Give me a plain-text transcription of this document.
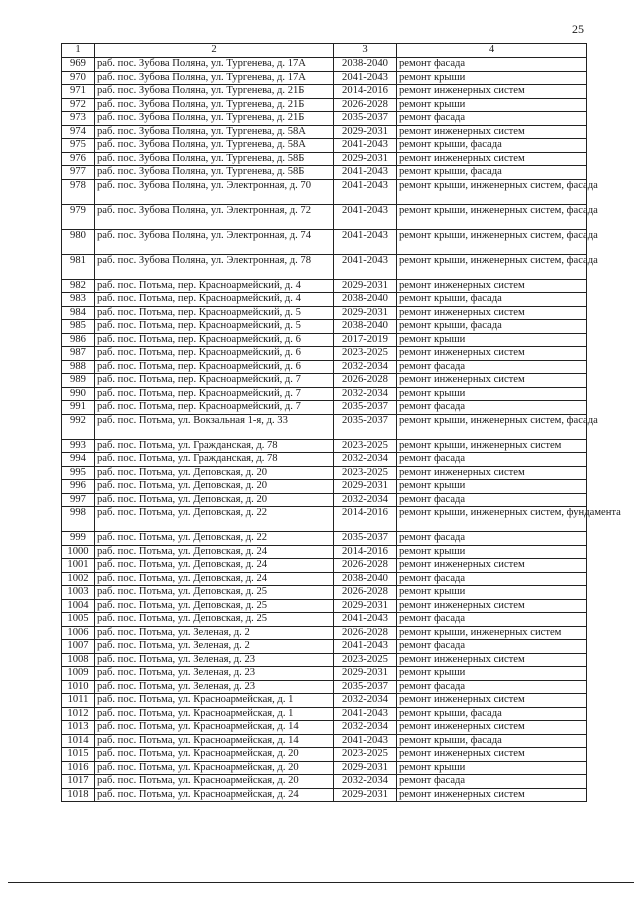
25
1	2	3	4
969	раб. пос. Зубова Поляна, ул. Тургенева, д. 17А	2038-2040	ремонт фасада
970	раб. пос. Зубова Поляна, ул. Тургенева, д. 17А	2041-2043	ремонт крыши
971	раб. пос. Зубова Поляна, ул. Тургенева, д. 21Б	2014-2016	ремонт инженерных систем
972	раб. пос. Зубова Поляна, ул. Тургенева, д. 21Б	2026-2028	ремонт крыши
973	раб. пос. Зубова Поляна, ул. Тургенева, д. 21Б	2035-2037	ремонт фасада
974	раб. пос. Зубова Поляна, ул. Тургенева, д. 58А	2029-2031	ремонт инженерных систем
975	раб. пос. Зубова Поляна, ул. Тургенева, д. 58А	2041-2043	ремонт крыши, фасада
976	раб. пос. Зубова Поляна, ул. Тургенева, д. 58Б	2029-2031	ремонт инженерных систем
977	раб. пос. Зубова Поляна, ул. Тургенева, д. 58Б	2041-2043	ремонт крыши, фасада
978	раб. пос. Зубова Поляна, ул. Электронная, д. 70	2041-2043	ремонт крыши, инженерных систем, фасада
979	раб. пос. Зубова Поляна, ул. Электронная, д. 72	2041-2043	ремонт крыши, инженерных систем, фасада
980	раб. пос. Зубова Поляна, ул. Электронная, д. 74	2041-2043	ремонт крыши, инженерных систем, фасада
981	раб. пос. Зубова Поляна, ул. Электронная, д. 78	2041-2043	ремонт крыши, инженерных систем, фасада
982	раб. пос. Потьма, пер. Красноармейский, д. 4	2029-2031	ремонт инженерных систем
983	раб. пос. Потьма, пер. Красноармейский, д. 4	2038-2040	ремонт крыши, фасада
984	раб. пос. Потьма, пер. Красноармейский, д. 5	2029-2031	ремонт инженерных систем
985	раб. пос. Потьма, пер. Красноармейский, д. 5	2038-2040	ремонт крыши, фасада
986	раб. пос. Потьма, пер. Красноармейский, д. 6	2017-2019	ремонт крыши
987	раб. пос. Потьма, пер. Красноармейский, д. 6	2023-2025	ремонт инженерных систем
988	раб. пос. Потьма, пер. Красноармейский, д. 6	2032-2034	ремонт фасада
989	раб. пос. Потьма, пер. Красноармейский, д. 7	2026-2028	ремонт инженерных систем
990	раб. пос. Потьма, пер. Красноармейский, д. 7	2032-2034	ремонт крыши
991	раб. пос. Потьма, пер. Красноармейский, д. 7	2035-2037	ремонт фасада
992	раб. пос. Потьма, ул. Вокзальная 1-я, д. 33	2035-2037	ремонт крыши, инженерных систем, фасада
993	раб. пос. Потьма, ул. Гражданская, д. 78	2023-2025	ремонт крыши, инженерных систем
994	раб. пос. Потьма, ул. Гражданская, д. 78	2032-2034	ремонт фасада
995	раб. пос. Потьма, ул. Деповская, д. 20	2023-2025	ремонт инженерных систем
996	раб. пос. Потьма, ул. Деповская, д. 20	2029-2031	ремонт крыши
997	раб. пос. Потьма, ул. Деповская, д. 20	2032-2034	ремонт фасада
998	раб. пос. Потьма, ул. Деповская, д. 22	2014-2016	ремонт крыши, инженерных систем, фундамента
999	раб. пос. Потьма, ул. Деповская, д. 22	2035-2037	ремонт фасада
1000	раб. пос. Потьма, ул. Деповская, д. 24	2014-2016	ремонт крыши
1001	раб. пос. Потьма, ул. Деповская, д. 24	2026-2028	ремонт инженерных систем
1002	раб. пос. Потьма, ул. Деповская, д. 24	2038-2040	ремонт фасада
1003	раб. пос. Потьма, ул. Деповская, д. 25	2026-2028	ремонт крыши
1004	раб. пос. Потьма, ул. Деповская, д. 25	2029-2031	ремонт инженерных систем
1005	раб. пос. Потьма, ул. Деповская, д. 25	2041-2043	ремонт фасада
1006	раб. пос. Потьма, ул. Зеленая, д. 2	2026-2028	ремонт крыши, инженерных систем
1007	раб. пос. Потьма, ул. Зеленая, д. 2	2041-2043	ремонт фасада
1008	раб. пос. Потьма, ул. Зеленая, д. 23	2023-2025	ремонт инженерных систем
1009	раб. пос. Потьма, ул. Зеленая, д. 23	2029-2031	ремонт крыши
1010	раб. пос. Потьма, ул. Зеленая, д. 23	2035-2037	ремонт фасада
1011	раб. пос. Потьма, ул. Красноармейская, д. 1	2032-2034	ремонт инженерных систем
1012	раб. пос. Потьма, ул. Красноармейская, д. 1	2041-2043	ремонт крыши, фасада
1013	раб. пос. Потьма, ул. Красноармейская, д. 14	2032-2034	ремонт инженерных систем
1014	раб. пос. Потьма, ул. Красноармейская, д. 14	2041-2043	ремонт крыши, фасада
1015	раб. пос. Потьма, ул. Красноармейская, д. 20	2023-2025	ремонт инженерных систем
1016	раб. пос. Потьма, ул. Красноармейская, д. 20	2029-2031	ремонт крыши
1017	раб. пос. Потьма, ул. Красноармейская, д. 20	2032-2034	ремонт фасада
1018	раб. пос. Потьма, ул. Красноармейская, д. 24	2029-2031	ремонт инженерных систем
